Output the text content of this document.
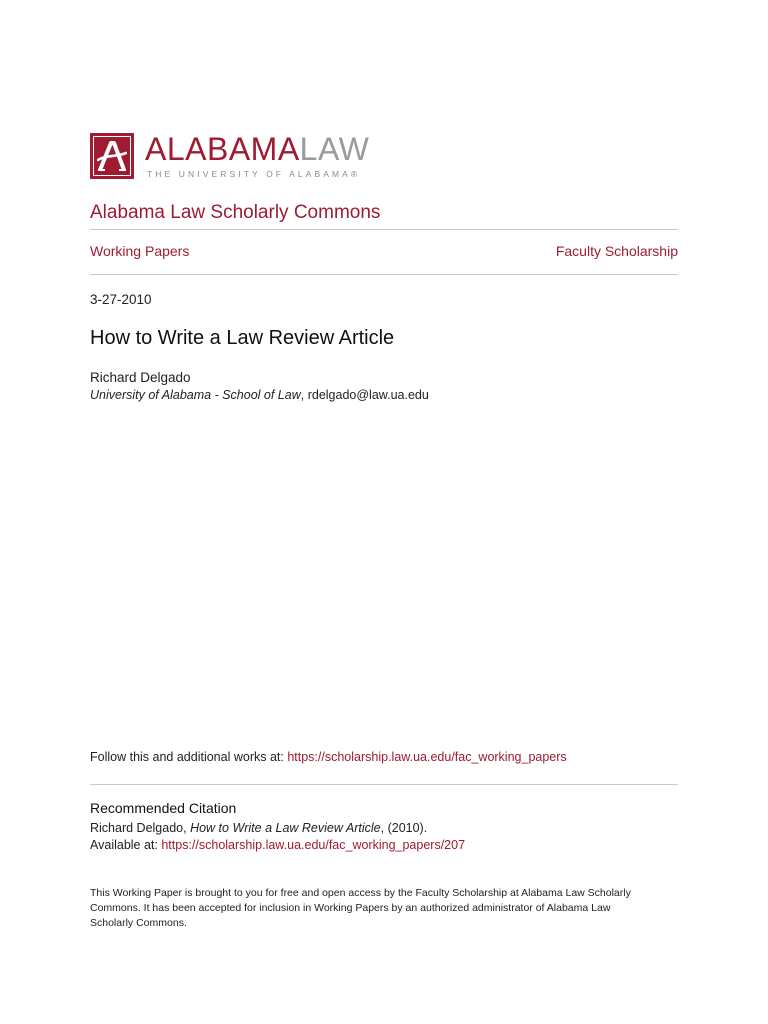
ALABAMALAW
THE UNIVERSITY OF ALABAMA®
Alabama Law Scholarly Commons
Working Papers	Faculty Scholarship
3-27-2010
How to Write a Law Review Article
Richard Delgado
University of Alabama - School of Law, rdelgado@law.ua.edu
Follow this and additional works at: https://scholarship.law.ua.edu/fac_working_papers
Recommended Citation
Richard Delgado, How to Write a Law Review Article, (2010).
Available at: https://scholarship.law.ua.edu/fac_working_papers/207
This Working Paper is brought to you for free and open access by the Faculty Scholarship at Alabama Law Scholarly Commons. It has been accepted for inclusion in Working Papers by an authorized administrator of Alabama Law Scholarly Commons.
